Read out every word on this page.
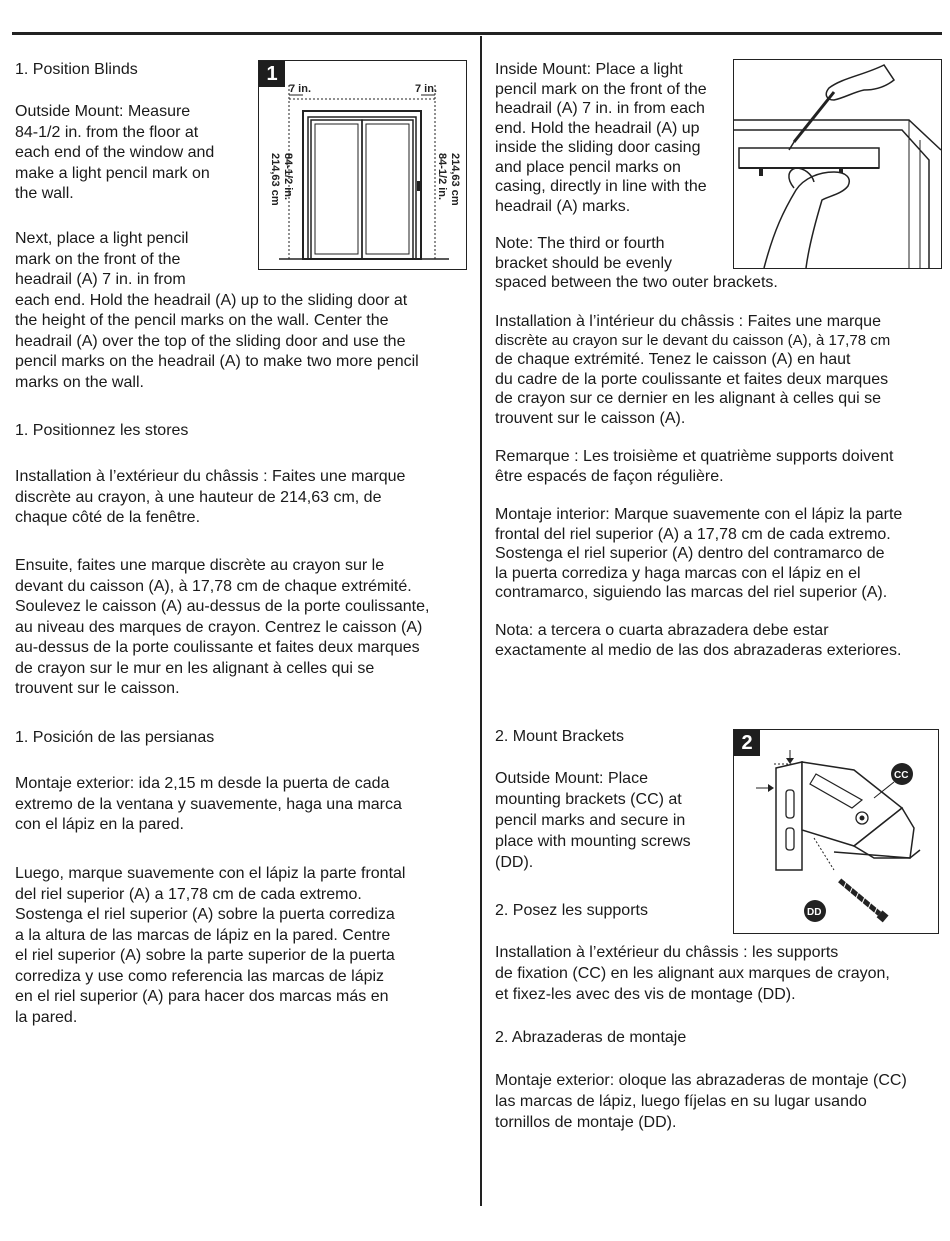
1. Position Blinds

Outside Mount: Measure

84-1/2 in. from the floor at

each end of the window and

make a light pencil mark on

the wall.

Next, place a light pencil

mark on the front of the

headrail (A) 7 in. in from

each end. Hold the headrail (A) up to the sliding door at

the height of the pencil marks on the wall. Center the

headrail (A) over the top of the sliding door and use the

pencil marks on the headrail (A) to make two more pencil

marks on the wall.

1. Positionnez les stores

Installation à l’extérieur du châssis : Faites une marque

discrète au crayon, à une hauteur de 214,63 cm, de

chaque côté de la fenêtre.

Ensuite, faites une marque discrète au crayon sur le

devant du caisson (A), à 17,78 cm de chaque extrémité.

Soulevez le caisson (A) au-dessus de la porte coulissante,

au niveau des marques de crayon. Centrez le caisson (A)

au-dessus de la porte coulissante et faites deux marques

de crayon sur le mur en les alignant à celles qui se

trouvent sur le caisson.

1. Posición de las persianas

Montaje exterior: ida 2,15 m desde la puerta de cada

extremo de la ventana y suavemente, haga una marca

con el lápiz en la pared.

Luego, marque suavemente con el lápiz la parte frontal

del riel superior (A) a 17,78 cm de cada extremo.

Sostenga el riel superior (A) sobre la puerta corrediza

a la altura de las marcas de lápiz en la pared. Centre

el riel superior (A) sobre la parte superior de la puerta

corrediza y use como referencia las marcas de lápiz

en el riel superior (A) para hacer dos marcas más en

la pared.

1
7 in.	7 in.
84-1/2 in.
214,63 cm	84-1/2 in. 214,63 cm

Inside Mount: Place a light

pencil mark on the front of the

headrail (A) 7 in. in from each

end. Hold the headrail (A) up

inside the sliding door casing

and place pencil marks on

casing, directly in line with the

headrail (A) marks.

Note: The third or fourth

bracket should be evenly

spaced between the two outer brackets.

Installation à l’intérieur du châssis : Faites une marque

discrète au crayon sur le devant du caisson (A), à 17,78 cm

de chaque extrémité. Tenez le caisson (A) en haut

du cadre de la porte coulissante et faites deux marques

de crayon sur ce dernier en les alignant à celles qui se

trouvent sur le caisson (A).

Remarque : Les troisième et quatrième supports doivent

être espacés de façon régulière.

Montaje interior: Marque suavemente con el lápiz la parte

frontal del riel superior (A) a 17,78 cm de cada extremo.

Sostenga el riel superior (A) dentro del contramarco de

la puerta corrediza y haga marcas con el lápiz en el

contramarco, siguiendo las marcas del riel superior (A).

Nota: a tercera o cuarta abrazadera debe estar

exactamente al medio de las dos abrazaderas exteriores.

2. Mount Brackets

Outside Mount: Place

mounting brackets (CC) at

pencil marks and secure in

place with mounting screws

(DD).

2. Posez les supports

Installation à l’extérieur du châssis : les supports

de fixation (CC) en les alignant aux marques de crayon,

et fixez-les avec des vis de montage (DD).

2. Abrazaderas de montaje

Montaje exterior: oloque las abrazaderas de montaje (CC)

las marcas de lápiz, luego fíjelas en su lugar usando

tornillos de montaje (DD).

2
CC
DD
